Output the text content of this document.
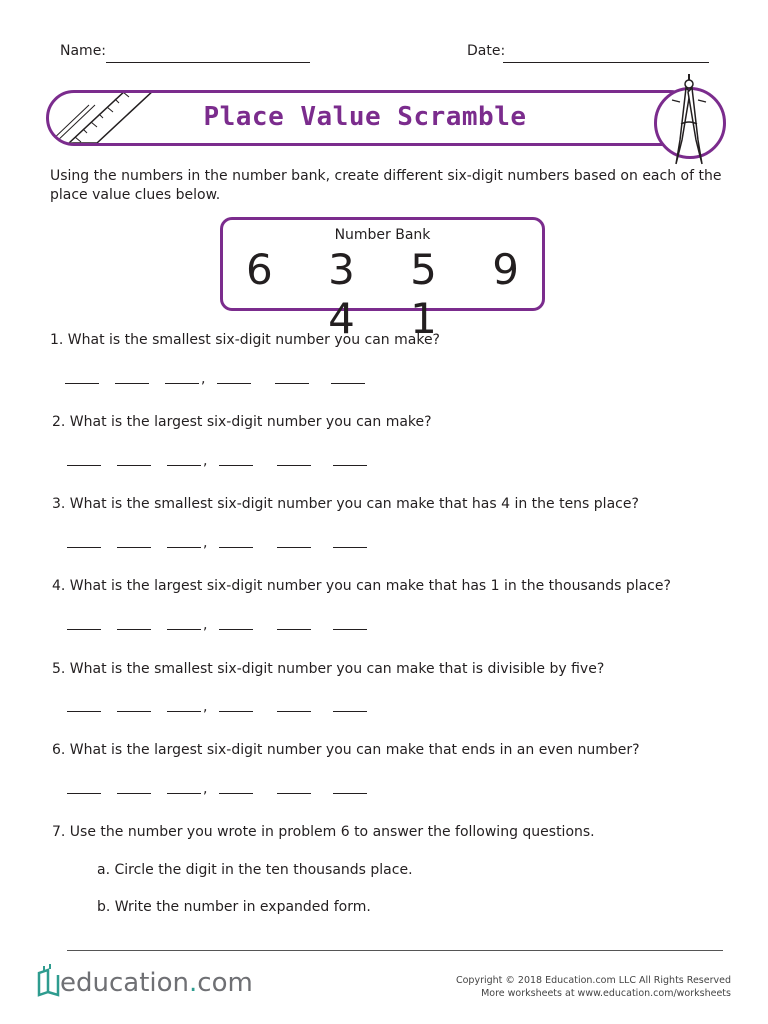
Name:	Date:
Place Value Scramble
Using the numbers in the number bank, create different six-digit numbers based on each of the place value clues below.
Number Bank
6 3 5 9 4 1
1. What is the smallest six-digit number you can make?
,
2. What is the largest six-digit number you can make?
,
3. What is the smallest six-digit number you can make that has 4 in the tens place?
,
4. What is the largest six-digit number you can make that has 1 in the thousands place?
,
5. What is the smallest six-digit number you can make that is divisible by five?
,
6. What is the largest six-digit number you can make that ends in an even number?
,
7. Use the number you wrote in problem 6 to answer the following questions.
a. Circle the digit in the ten thousands place.
b. Write the number in expanded form.
education.com	Copyright © 2018 Education.com LLC All Rights Reserved
More worksheets at www.education.com/worksheets
